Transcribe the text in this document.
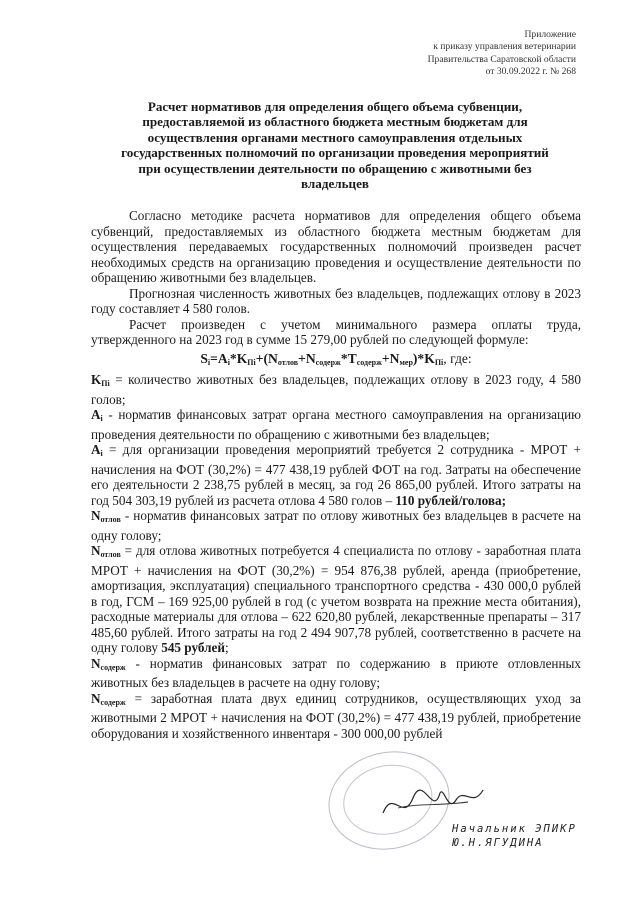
Приложение
к приказу управления ветеринарии
Правительства Саратовской области
от 30.09.2022 г. № 268
Расчет нормативов для определения общего объема субвенции, предоставляемой из областного бюджета местным бюджетам для осуществления органами местного самоуправления отдельных государственных полномочий по организации проведения мероприятий при осуществлении деятельности по обращению с животными без владельцев

Согласно методике расчета нормативов для определения общего объема субвенций, предоставляемых из областного бюджета местным бюджетам для осуществления передаваемых государственных полномочий произведен расчет необходимых средств на организацию проведения и осуществление деятельности по обращению животными без владельцев.

Прогнозная численность животных без владельцев, подлежащих отлову в 2023 году составляет 4 580 голов.

Расчет произведен с учетом минимального размера оплаты труда, утвержденного на 2023 год в сумме 15 279,00 рублей по следующей формуле:

$S_i=A_i*K_{Пi}+(N_{отлов}+N_{содерж}*T_{содерж}+N_{мер})*K_{Пi}$, где:

$K_{Пi}$ = количество животных без владельцев, подлежащих отлову в 2023 году, 4 580 голов;

$A_i$ - норматив финансовых затрат органа местного самоуправления на организацию проведения деятельности по обращению с животными без владельцев;

$A_i$ = для организации проведения мероприятий требуется 2 сотрудника - МРОТ + начисления на ФОТ (30,2%) = 477 438,19 рублей ФОТ на год. Затраты на обеспечение его деятельности 2 238,75 рублей в месяц, за год 26 865,00 рублей. Итого затраты на год 504 303,19 рублей из расчета отлова 4 580 голов – 110 рублей/голова;

$N_{отлов}$ - норматив финансовых затрат по отлову животных без владельцев в расчете на одну голову;

$N_{отлов}$ = для отлова животных потребуется 4 специалиста по отлову - заработная плата МРОТ + начисления на ФОТ (30,2%) = 954 876,38 рублей, аренда (приобретение, амортизация, эксплуатация) специального транспортного средства - 430 000,0 рублей в год, ГСМ – 169 925,00 рублей в год (с учетом возврата на прежние места обитания), расходные материалы для отлова – 622 620,80 рублей, лекарственные препараты – 317 485,60 рублей. Итого затраты на год 2 494 907,78 рублей, соответственно в расчете на одну голову 545 рублей;

$N_{содерж}$ - норматив финансовых затрат по содержанию в приюте отловленных животных без владельцев в расчете на одну голову;

$N_{содерж}$ = заработная плата двух единиц сотрудников, осуществляющих уход за животными 2 МРОТ + начисления на ФОТ (30,2%) = 477 438,19 рублей, приобретение оборудования и хозяйственного инвентаря - 300 000,00 рублей

Начальник ЭПИКР
Ю.Н.ЯГУДИНА
